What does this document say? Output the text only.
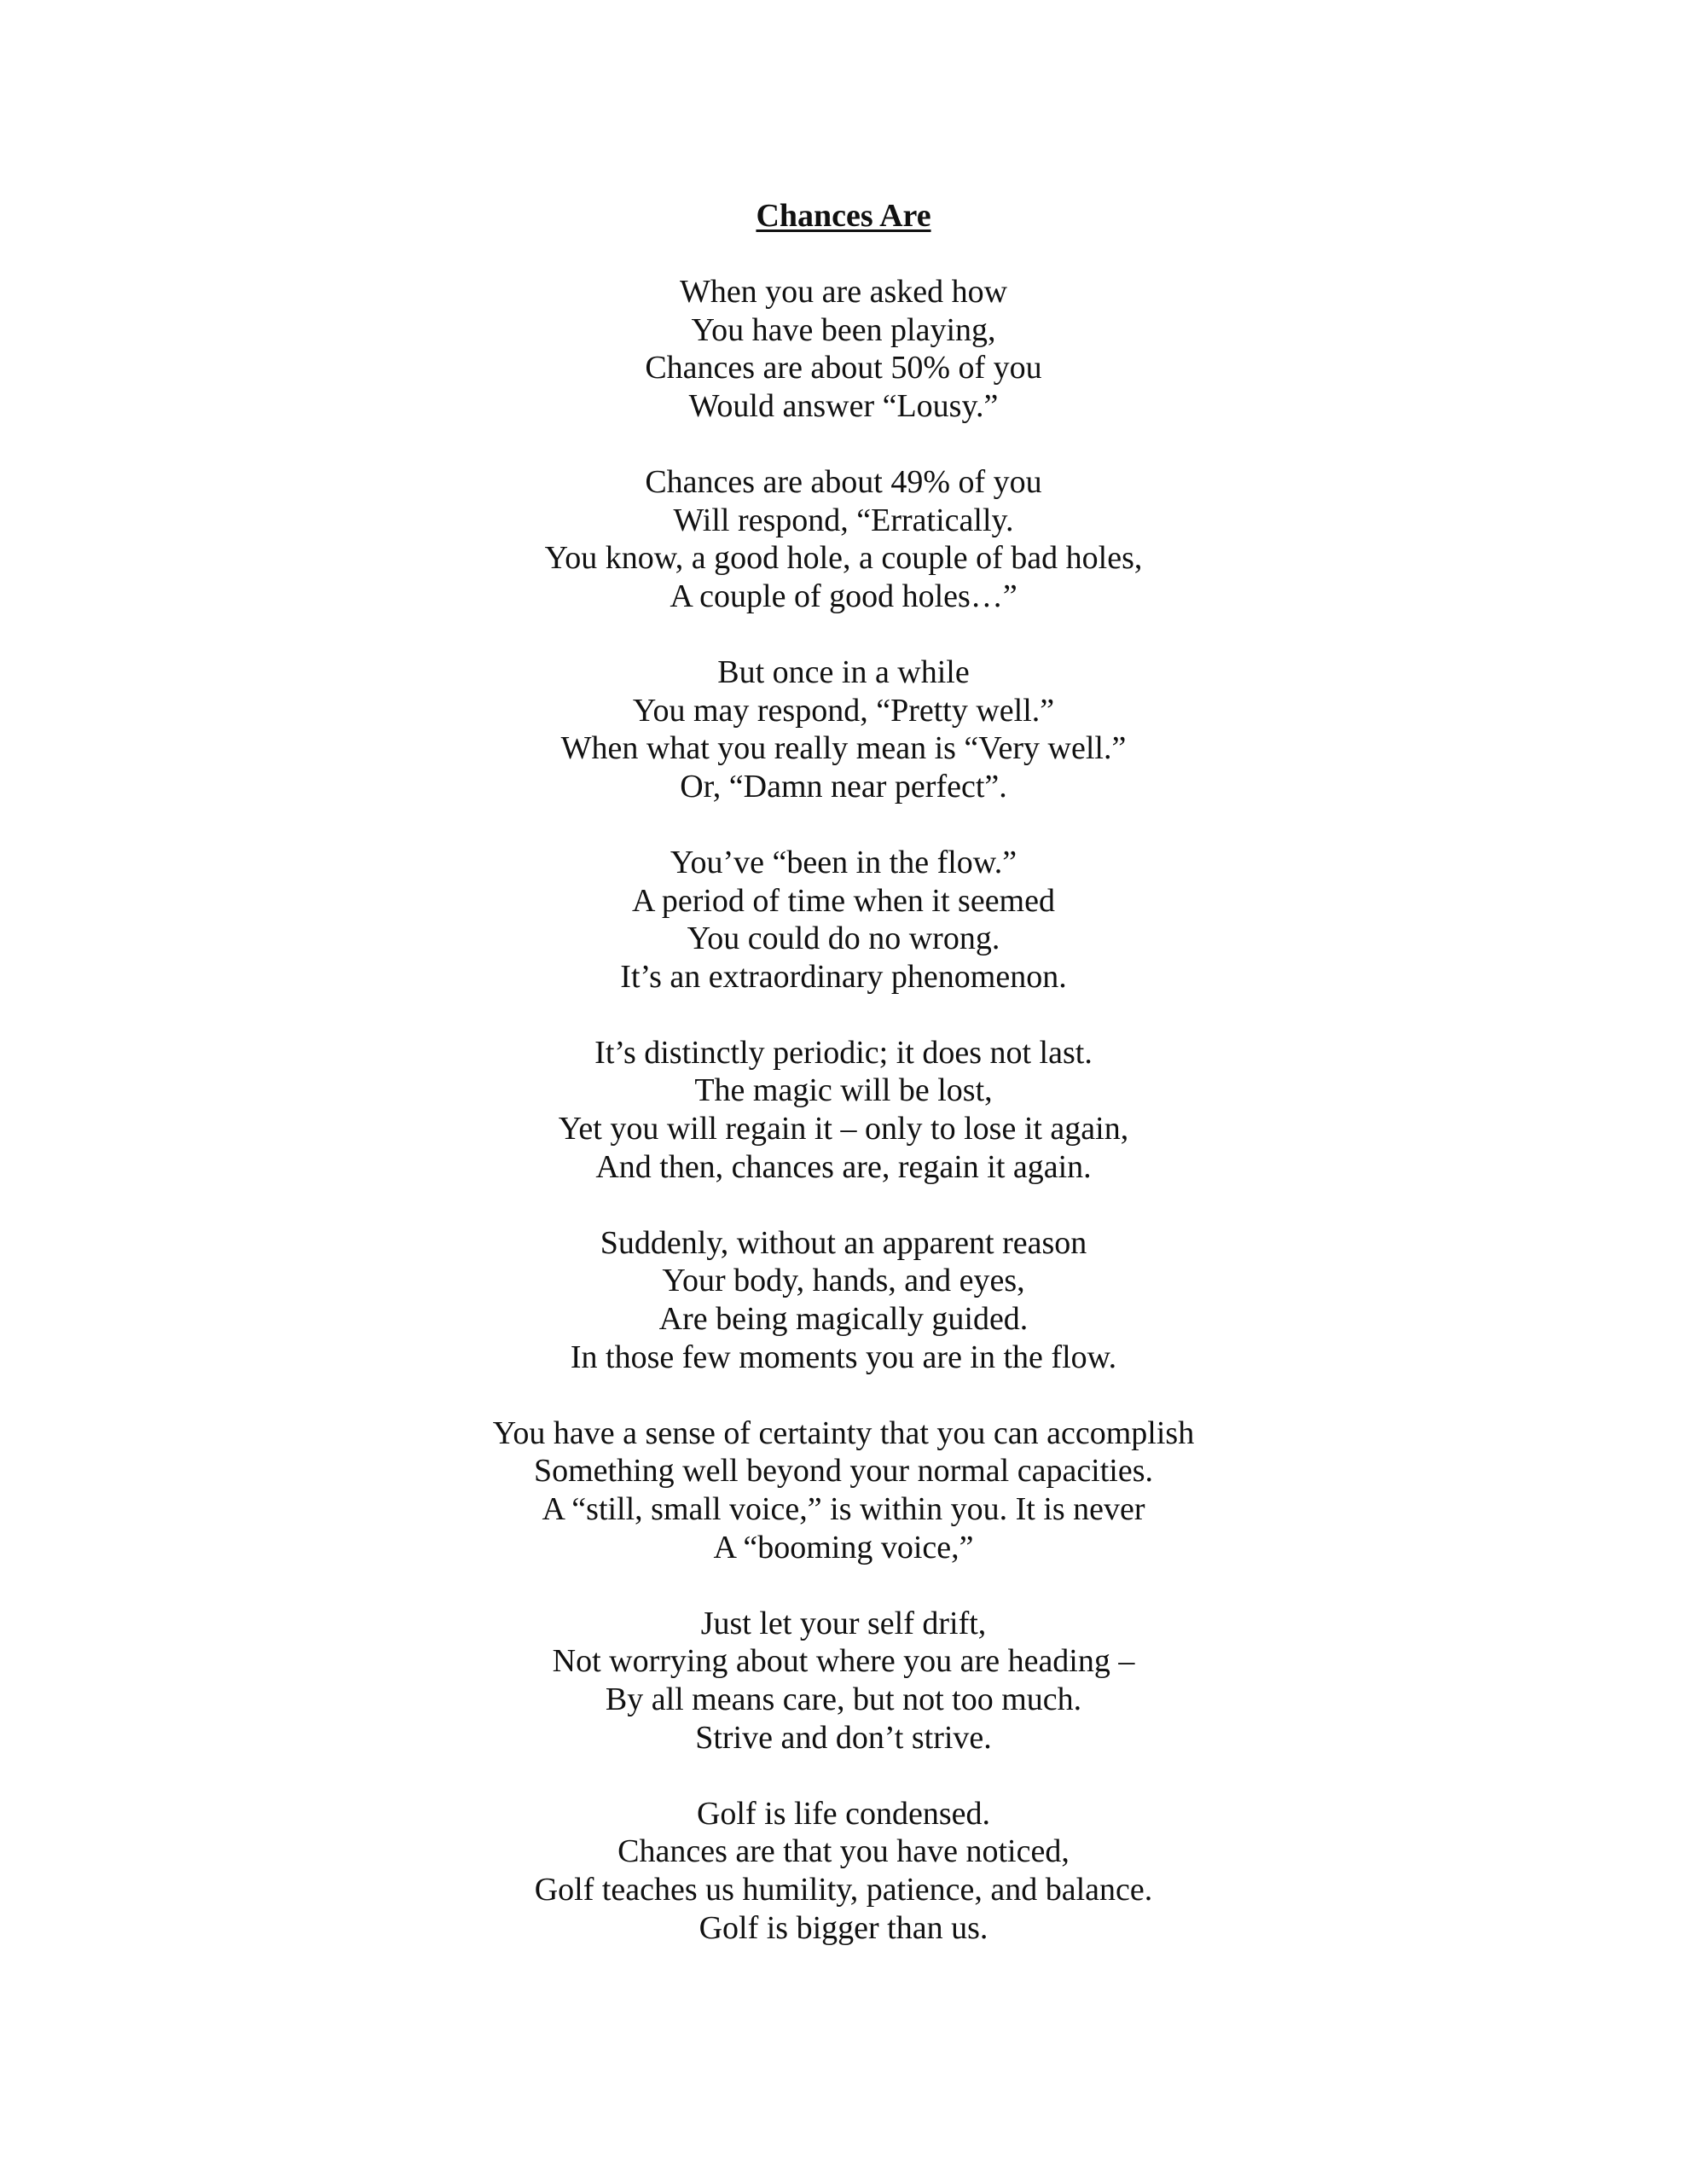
Chances Are
When you are asked how
You have been playing,
Chances are about 50% of you
Would answer “Lousy.”
Chances are about 49% of you
Will respond, “Erratically.
You know, a good hole, a couple of bad holes,
A couple of good holes…”
But once in a while
You may respond, “Pretty well.”
When what you really mean is “Very well.”
Or, “Damn near perfect”.
You’ve “been in the flow.”
A period of time when it seemed
You could do no wrong.
It’s an extraordinary phenomenon.
It’s distinctly periodic; it does not last.
The magic will be lost,
Yet you will regain it – only to lose it again,
And then, chances are, regain it again.
Suddenly, without an apparent reason
Your body, hands, and eyes,
Are being magically guided.
In those few moments you are in the flow.
You have a sense of certainty that you can accomplish
Something well beyond your normal capacities.
A “still, small voice,” is within you. It is never
A “booming voice,”
Just let your self drift,
Not worrying about where you are heading –
By all means care, but not too much.
Strive and don’t strive.
Golf is life condensed.
Chances are that you have noticed,
Golf teaches us humility, patience, and balance.
Golf is bigger than us.
